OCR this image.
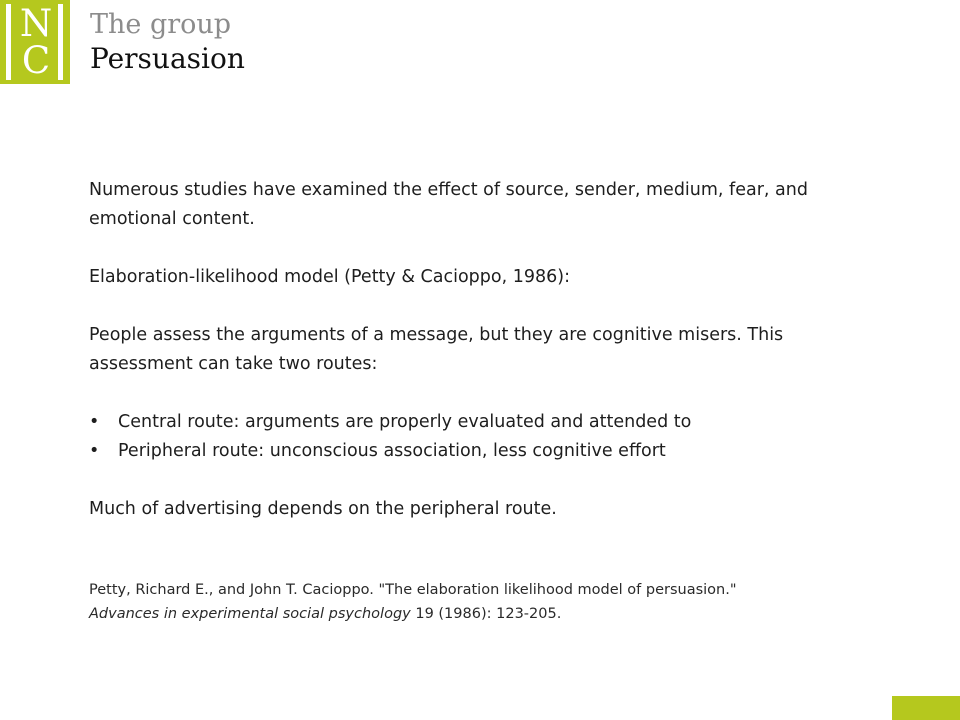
N
C
The group
Persuasion

Numerous studies have examined the effect of source, sender, medium, fear, and emotional content.

Elaboration-likelihood model (Petty & Cacioppo, 1986):

People assess the arguments of a message, but they are cognitive misers. This assessment can take two routes:

• Central route: arguments are properly evaluated and attended to
• Peripheral route: unconscious association, less cognitive effort

Much of advertising depends on the peripheral route.

Petty, Richard E., and John T. Cacioppo. "The elaboration likelihood model of persuasion."
Advances in experimental social psychology 19 (1986): 123-205.
